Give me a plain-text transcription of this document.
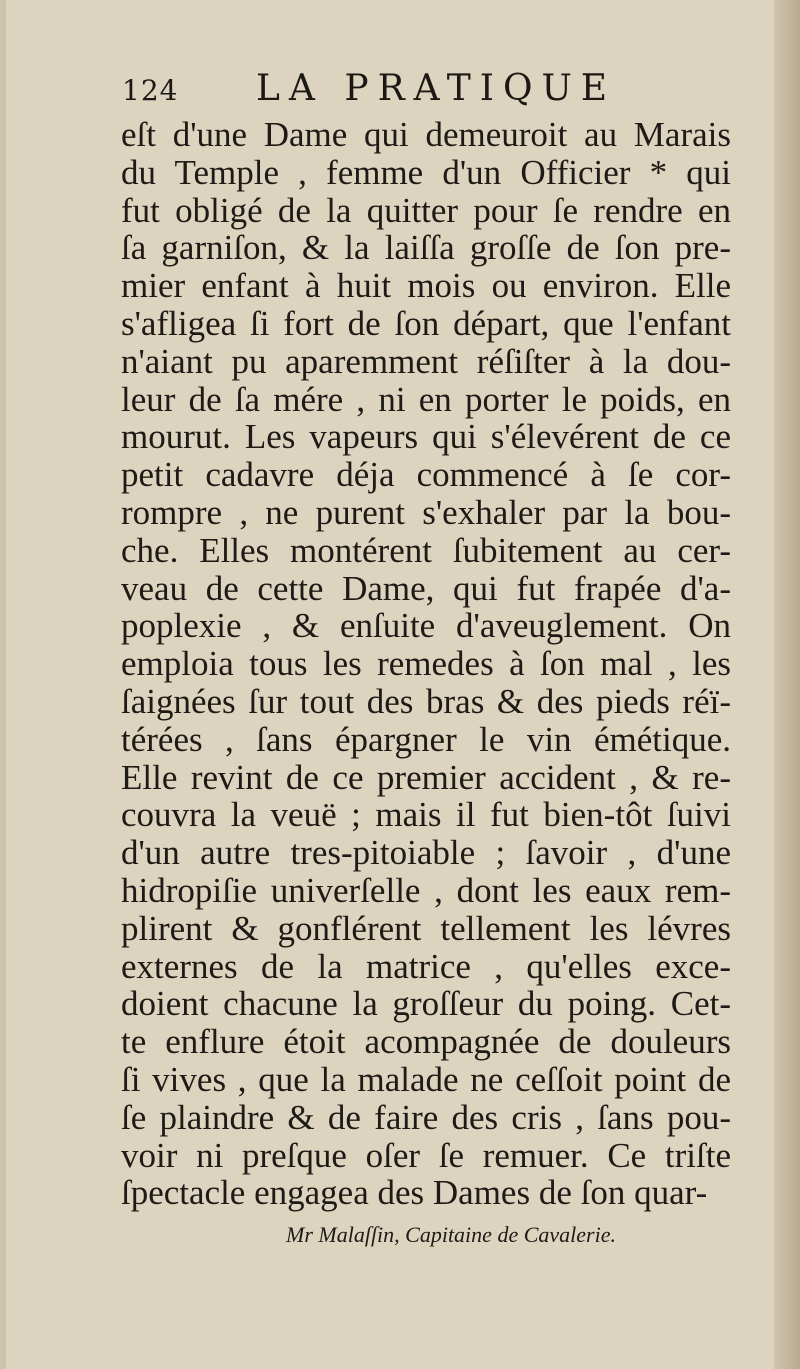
124 LA PRATIQUE
eſt d'une Dame qui demeuroit au Marais
du Temple , femme d'un Officier * qui
fut obligé de la quitter pour ſe rendre en
ſa garniſon, & la laiſſa groſſe de ſon pre-
mier enfant à huit mois ou environ. Elle
s'afligea ſi fort de ſon départ, que l'enfant
n'aiant pu aparemment réſiſter à la dou-
leur de ſa mére , ni en porter le poids, en
mourut. Les vapeurs qui s'élevérent de ce
petit cadavre déja commencé à ſe cor-
rompre , ne purent s'exhaler par la bou-
che. Elles montérent ſubitement au cer-
veau de cette Dame, qui fut frapée d'a-
poplexie , & enſuite d'aveuglement. On
emploia tous les remedes à ſon mal , les
ſaignées ſur tout des bras & des pieds réï-
térées , ſans épargner le vin émétique.
Elle revint de ce premier accident , & re-
couvra la veuë ; mais il fut bien-tôt ſuivi
d'un autre tres-pitoiable ; ſavoir , d'une
hidropiſie univerſelle , dont les eaux rem-
plirent & gonflérent tellement les lévres
externes de la matrice , qu'elles exce-
doient chacune la groſſeur du poing. Cet-
te enflure étoit acompagnée de douleurs
ſi vives , que la malade ne ceſſoit point de
ſe plaindre & de faire des cris , ſans pou-
voir ni preſque oſer ſe remuer. Ce triſte
ſpectacle engagea des Dames de ſon quar-
Mr Malaſſin, Capitaine de Cavalerie.
